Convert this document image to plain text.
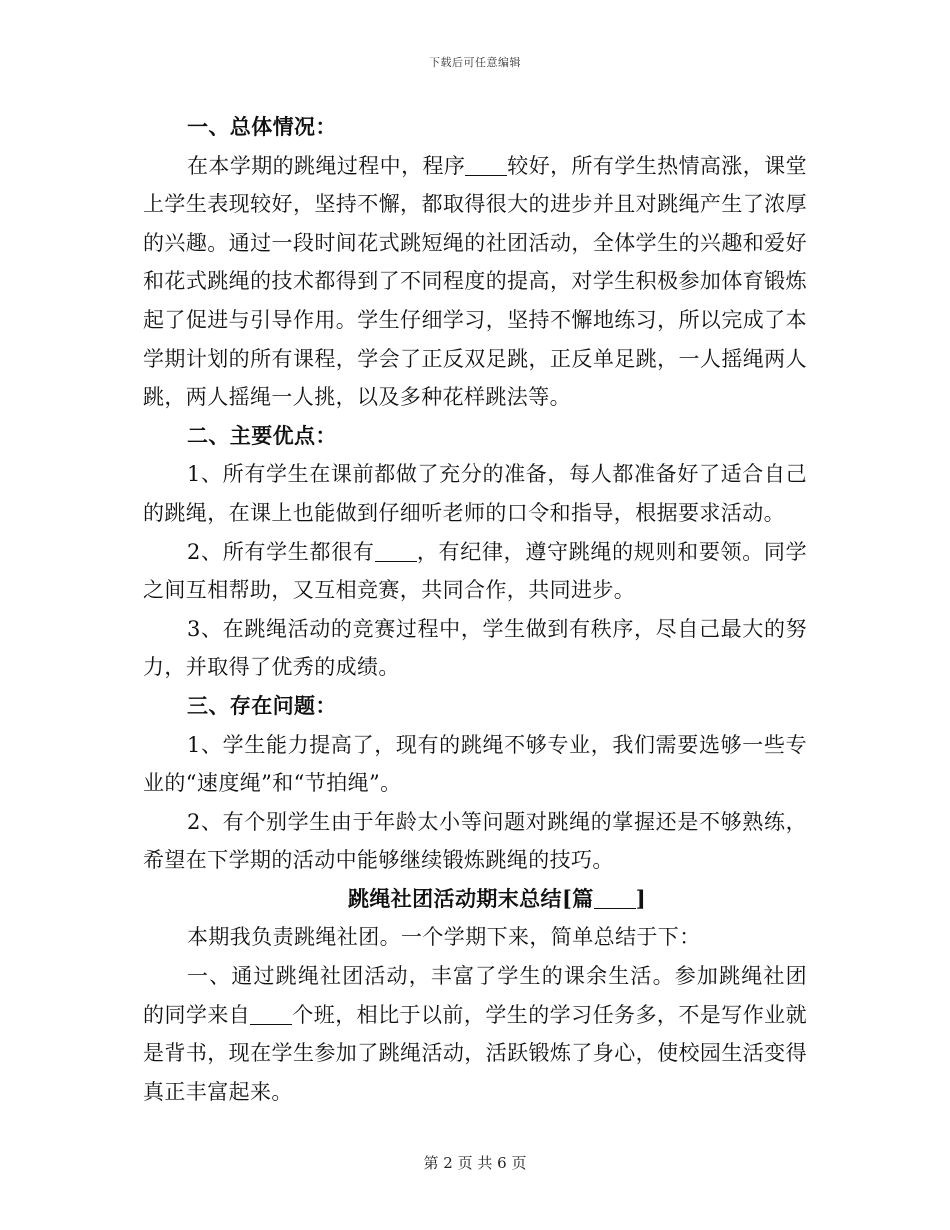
下载后可任意编辑

一、总体情况：

在本学期的跳绳过程中，程序 较好，所有学生热情高涨，课堂上学生表现较好，坚持不懈，都取得很大的进步并且对跳绳产生了浓厚的兴趣。通过一段时间花式跳短绳的社团活动，全体学生的兴趣和爱好和花式跳绳的技术都得到了不同程度的提高，对学生积极参加体育锻炼起了促进与引导作用。学生仔细学习，坚持不懈地练习，所以完成了本学期计划的所有课程，学会了正反双足跳，正反单足跳，一人摇绳两人跳，两人摇绳一人挑，以及多种花样跳法等。

二、主要优点：

1、所有学生在课前都做了充分的准备，每人都准备好了适合自己的跳绳，在课上也能做到仔细听老师的口令和指导，根据要求活动。

2、所有学生都很有 ，有纪律，遵守跳绳的规则和要领。同学之间互相帮助，又互相竞赛，共同合作，共同进步。

3、在跳绳活动的竞赛过程中，学生做到有秩序，尽自己最大的努力，并取得了优秀的成绩。

三、存在问题：

1、学生能力提高了，现有的跳绳不够专业，我们需要选够一些专业的“速度绳”和“节拍绳”。

2、有个别学生由于年龄太小等问题对跳绳的掌握还是不够熟练，希望在下学期的活动中能够继续锻炼跳绳的技巧。

跳绳社团活动期末总结[篇 ]

本期我负责跳绳社团。一个学期下来，简单总结于下：

一、通过跳绳社团活动，丰富了学生的课余生活。参加跳绳社团的同学来自 个班，相比于以前，学生的学习任务多，不是写作业就是背书，现在学生参加了跳绳活动，活跃锻炼了身心，使校园生活变得真正丰富起来。

第 2 页 共 6 页
